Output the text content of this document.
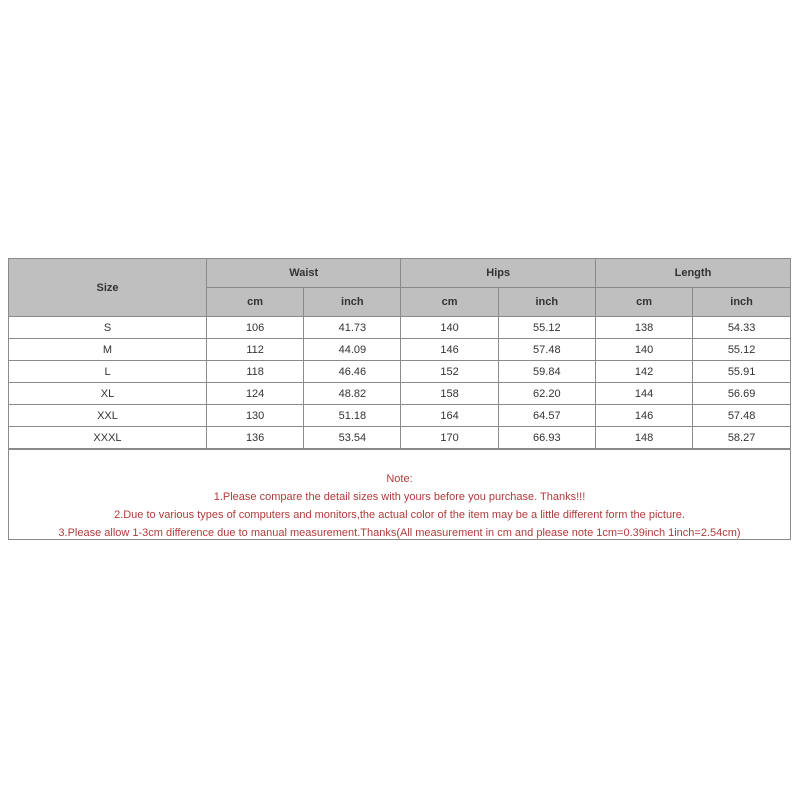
Size	Waist		Hips		Length	
	cm	inch	cm	inch	cm	inch
S	106	41.73	140	55.12	138	54.33
M	112	44.09	146	57.48	140	55.12
L	118	46.46	152	59.84	142	55.91
XL	124	48.82	158	62.20	144	56.69
XXL	130	51.18	164	64.57	146	57.48
XXXL	136	53.54	170	66.93	148	58.27
Note:
1.Please compare the detail sizes with yours before you purchase. Thanks!!!
2.Due to various types of computers and monitors,the actual color of the item may be a little different form the picture.
3.Please allow 1-3cm difference due to manual measurement.Thanks(All measurement in cm and please note 1cm=0.39inch 1inch=2.54cm)
